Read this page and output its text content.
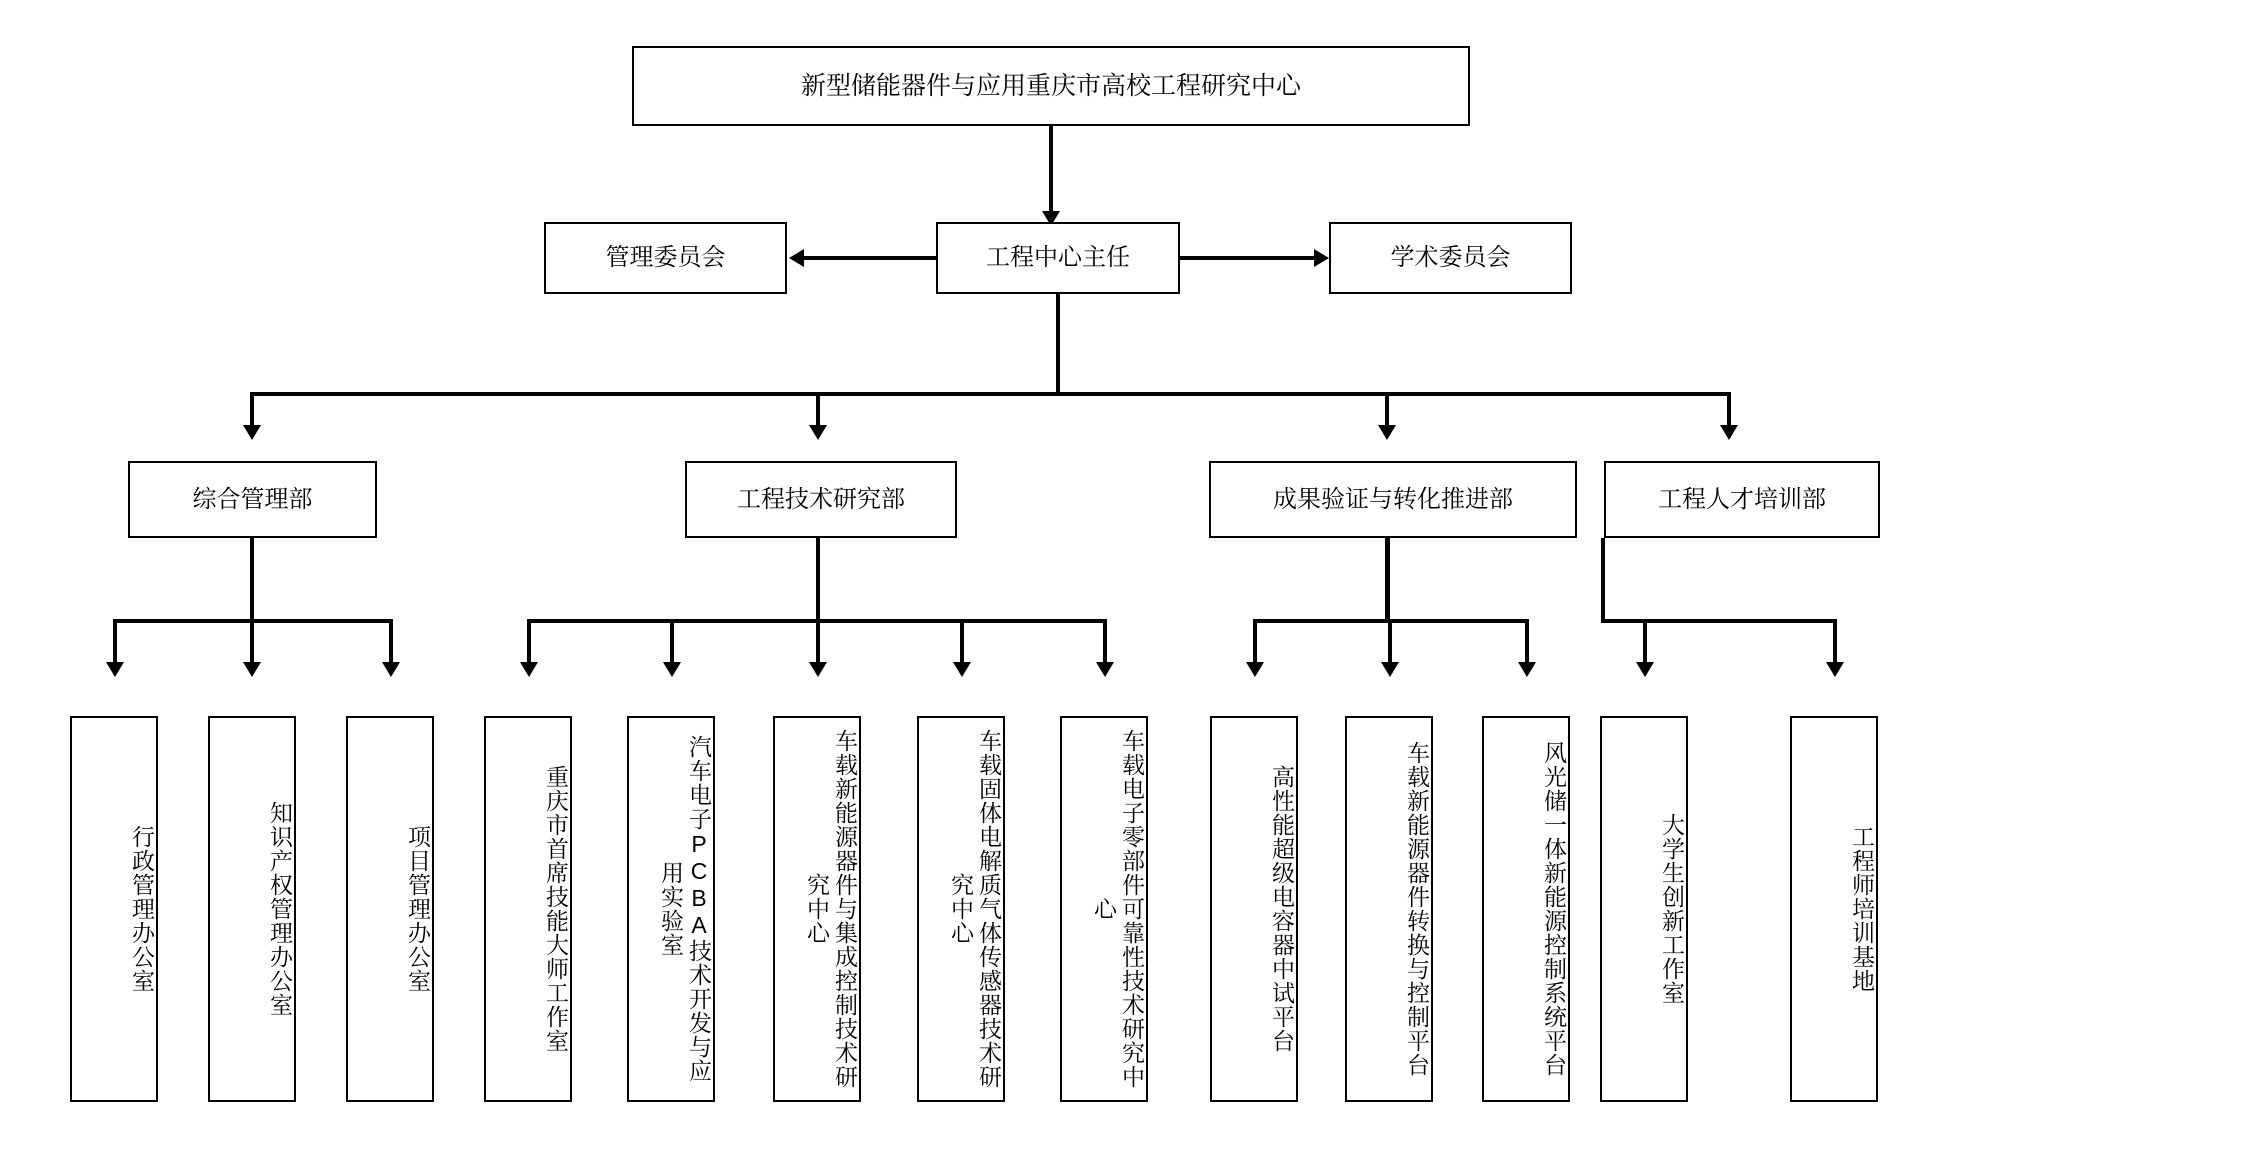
新型储能器件与应用重庆市高校工程研究中心
管理委员会	工程中心主任	学术委员会
综合管理部	工程技术研究部	成果验证与转化推进部	工程人才培训部
行政管理办公室	知识产权管理办公室	项目管理办公室	重庆市首席技能大师工作室	汽车电子PCBA技术开发与应用实验室	车载新能源器件与集成控制技术研究中心	车载固体电解质气体传感器技术研究中心	车载电子零部件可靠性技术研究中心	高性能超级电容器中试平台	车载新能源器件转换与控制平台	风光储一体新能源控制系统平台	大学生创新工作室	工程师培训基地
